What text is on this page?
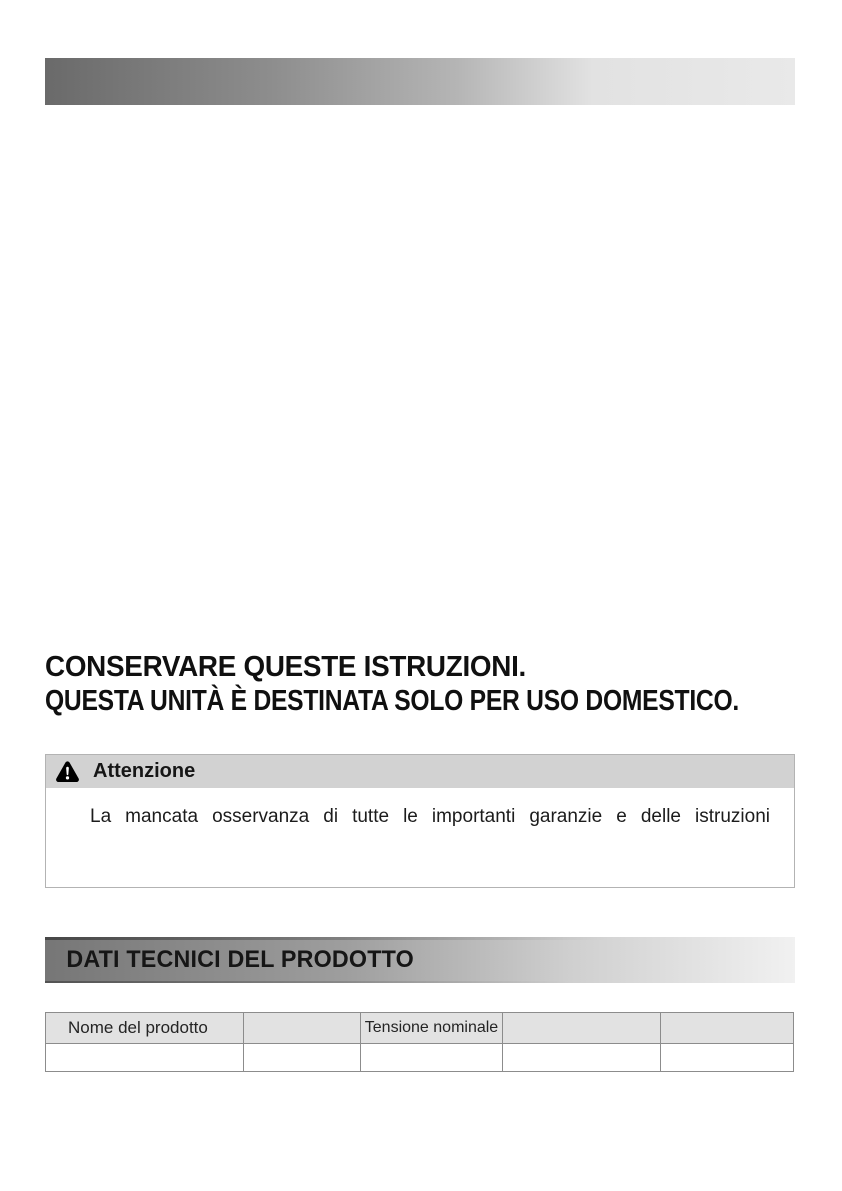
CONSERVARE QUESTE ISTRUZIONI.
QUESTA UNITÀ È DESTINATA SOLO PER USO DOMESTICO.
Attenzione
La mancata osservanza di tutte le importanti garanzie e delle istruzioni
DATI TECNICI DEL PRODOTTO
Nome del prodotto		Tensione nominale		
